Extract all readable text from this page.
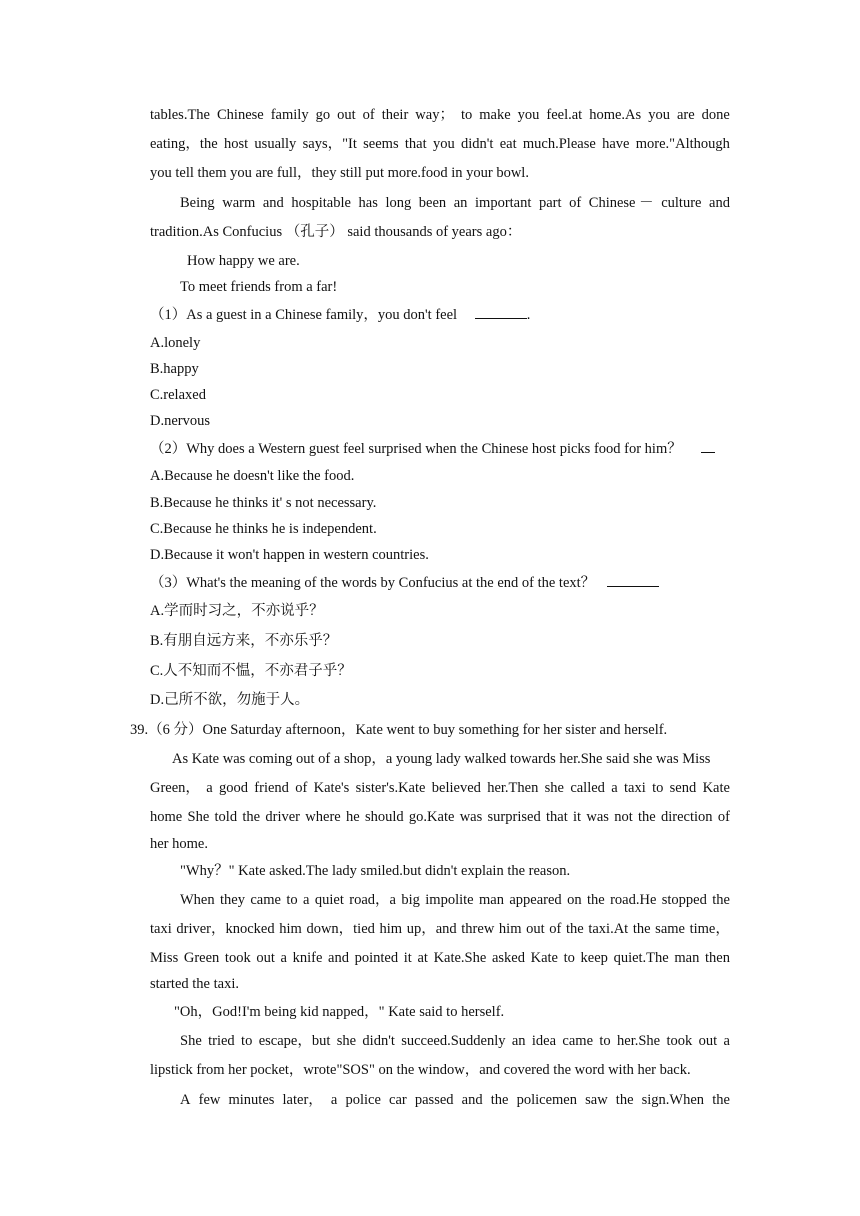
tables.The Chinese family go out of their way； to make you feel.at home.As you are done
eating，the host usually says，"It seems that you didn't eat much.Please have more."Although
you tell them you are full，they still put more.food in your bowl.
Being warm and hospitable has long been an important part of Chinese － culture and
tradition.As Confucius （孔子） said thousands of years ago：
How happy we are.
To meet friends from a far!
（1）As a guest in a Chinese family，you don't feel	.
A.lonely
B.happy
C.relaxed
D.nervous
（2）Why does a Western guest feel surprised when the Chinese host picks food for him？
A.Because he doesn't like the food.
B.Because he thinks it' s not necessary.
C.Because he thinks he is independent.
D.Because it won't happen in western countries.
（3）What's the meaning of the words by Confucius at the end of the text？
A.学而时习之，不亦说乎？
B.有朋自远方来，不亦乐乎？
C.人不知而不愠，不亦君子乎？
D.己所不欲，勿施于人。
39.（6 分）One Saturday afternoon，Kate went to buy something for her sister and herself.
As Kate was coming out of a shop，a young lady walked towards her.She said she was Miss
Green， a good friend of Kate's sister's.Kate believed her.Then she called a taxi to send Kate
home She told the driver where he should go.Kate was surprised that it was not the direction of
her home.
"Why？" Kate asked.The lady smiled.but didn't explain the reason.
When they came to a quiet road，a big impolite man appeared on the road.He stopped the
taxi driver，knocked him down，tied him up，and threw him out of the taxi.At the same time，
Miss Green took out a knife and pointed it at Kate.She asked Kate to keep quiet.The man then
started the taxi.
"Oh，God!I'm being kid napped，" Kate said to herself.
She tried to escape，but she didn't succeed.Suddenly an idea came to her.She took out a
lipstick from her pocket，wrote"SOS" on the window，and covered the word with her back.
A few minutes later， a police car passed and the policemen saw the sign.When the
